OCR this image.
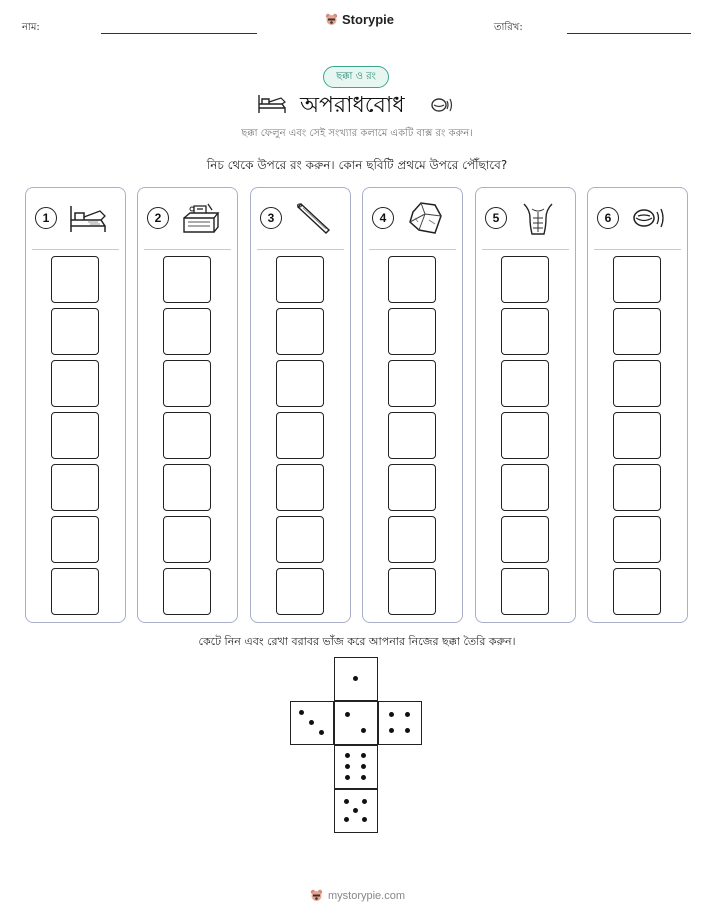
নাম:
Storypie
তারিখ:
ছক্কা ও রং
অপরাধবোধ
ছক্কা ফেলুন এবং সেই সংখ্যার কলামে একটি বাক্স রং করুন।
নিচ থেকে উপরে রং করুন। কোন ছবিটি প্রথমে উপরে পৌঁছাবে?
1	2	3	4	5	6
কেটে নিন এবং রেখা বরাবর ভাঁজ করে আপনার নিজের ছক্কা তৈরি করুন।
mystorypie.com
